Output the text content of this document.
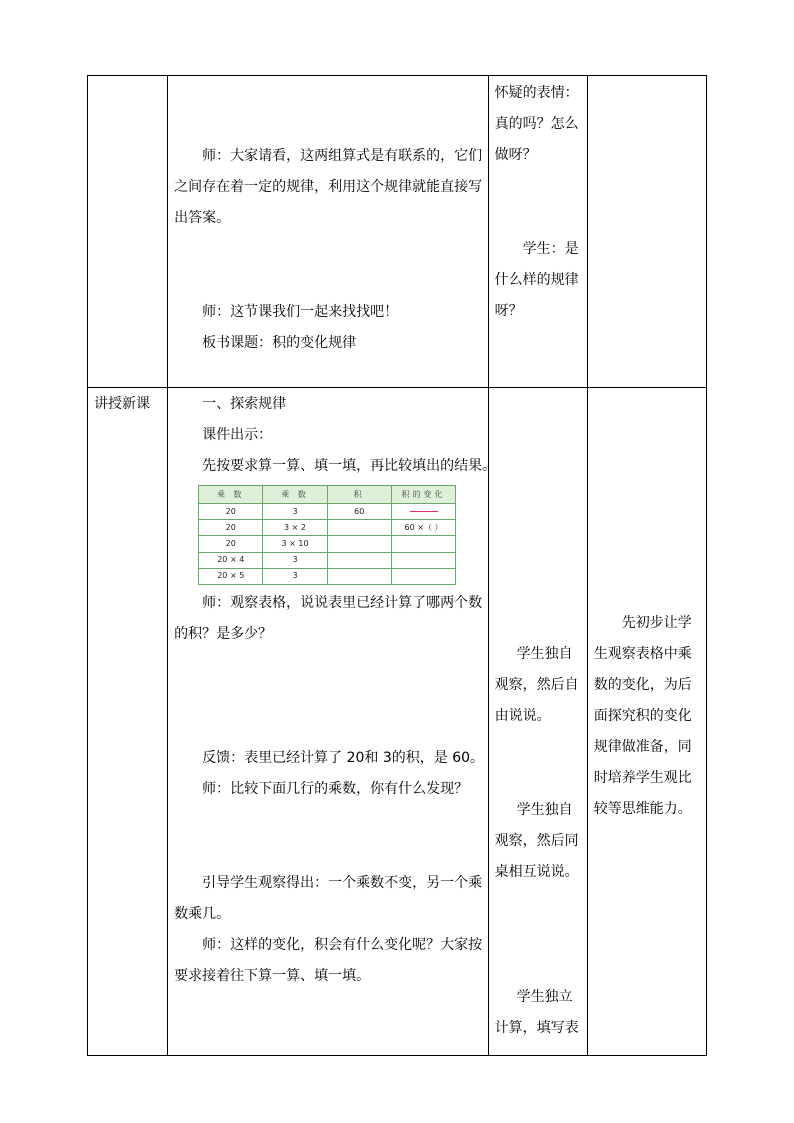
师：大家请看，这两组算式是有联系的，它们
之间存在着一定的规律，利用这个规律就能直接写
出答案。
师：这节课我们一起来找找吧！
板书课题：积的变化规律

怀疑的表情：
真的吗？怎么
做呀？
学生：是
什么样的规律
呀？

讲授新课	一、探索规律
课件出示：
先按要求算一算、填一填，再比较填出的结果。
乘 数	乘 数	积	积的变化
20	3	60	
20	3 × 2		60 ×（ ）
20	3 × 10		
20 × 4	3		
20 × 5	3		
师：观察表格，说说表里已经计算了哪两个数
的积？是多少？
反馈：表里已经计算了 20和 3的积，是 60。
师：比较下面几行的乘数，你有什么发现？
引导学生观察得出：一个乘数不变，另一个乘
数乘几。
师：这样的变化，积会有什么变化呢？大家按
要求接着往下算一算、填一填。

学生独自
观察，然后自
由说说。
学生独自
观察，然后同
桌相互说说。
学生独立
计算，填写表

先初步让学
生观察表格中乘
数的变化，为后
面探究积的变化
规律做准备，同
时培养学生观比
较等思维能力。
